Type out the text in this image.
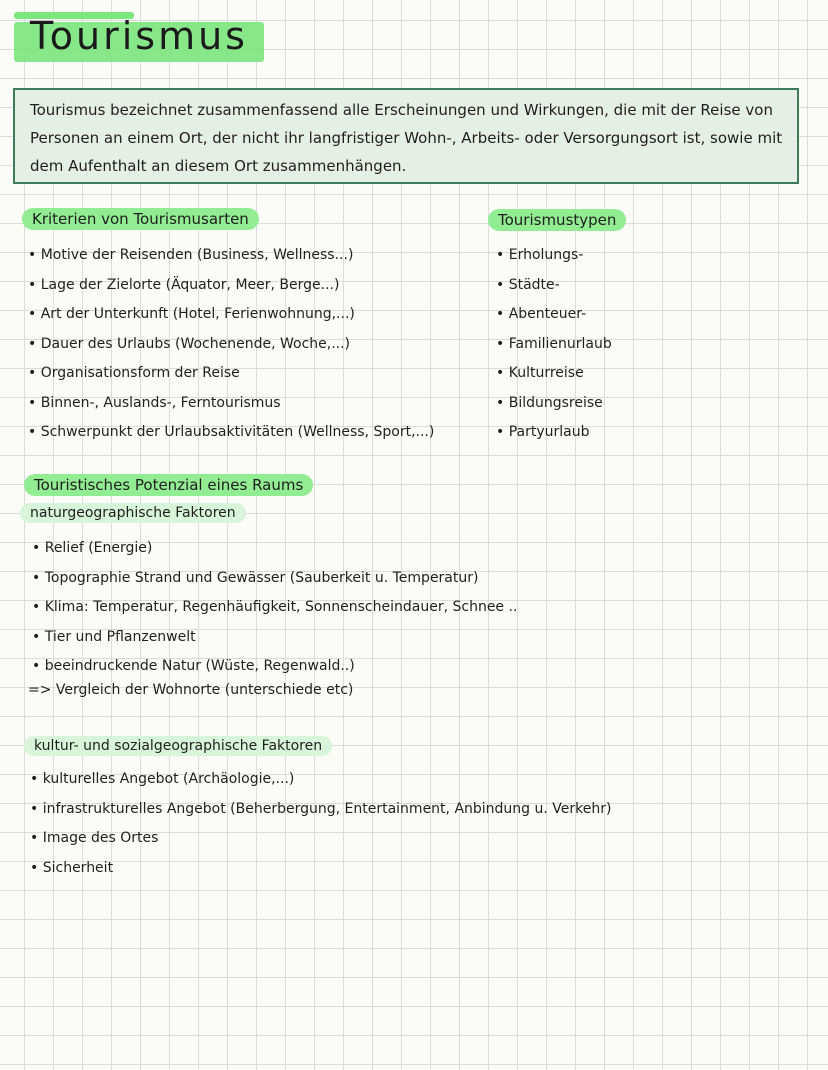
Tourismus
Tourismus bezeichnet zusammenfassend alle Erscheinungen und Wirkungen, die mit der Reise von Personen an einem Ort, der nicht ihr langfristiger Wohn-, Arbeits- oder Versorgungsort ist, sowie mit dem Aufenthalt an diesem Ort zusammenhängen.
Kriterien von Tourismusarten
• Motive der Reisenden (Business, Wellness...)
• Lage der Zielorte (Äquator, Meer, Berge...)
• Art der Unterkunft (Hotel, Ferienwohnung,...)
• Dauer des Urlaubs (Wochenende, Woche,...)
• Organisationsform der Reise
• Binnen-, Auslands-, Ferntourismus
• Schwerpunkt der Urlaubsaktivitäten (Wellness, Sport,...)
Tourismustypen
• Erholungs-
• Städte-
• Abenteuer-
• Familienurlaub
• Kulturreise
• Bildungsreise
• Partyurlaub
Touristisches Potenzial eines Raums
naturgeographische Faktoren
• Relief (Energie)
• Topographie Strand und Gewässer (Sauberkeit u. Temperatur)
• Klima: Temperatur, Regenhäufigkeit, Sonnenscheindauer, Schnee ..
• Tier und Pflanzenwelt
• beeindruckende Natur (Wüste, Regenwald..)
=> Vergleich der Wohnorte (unterschiede etc)
kultur- und sozialgeographische Faktoren
• kulturelles Angebot (Archäologie,...)
• infrastrukturelles Angebot (Beherbergung, Entertainment, Anbindung u. Verkehr)
• Image des Ortes
• Sicherheit
